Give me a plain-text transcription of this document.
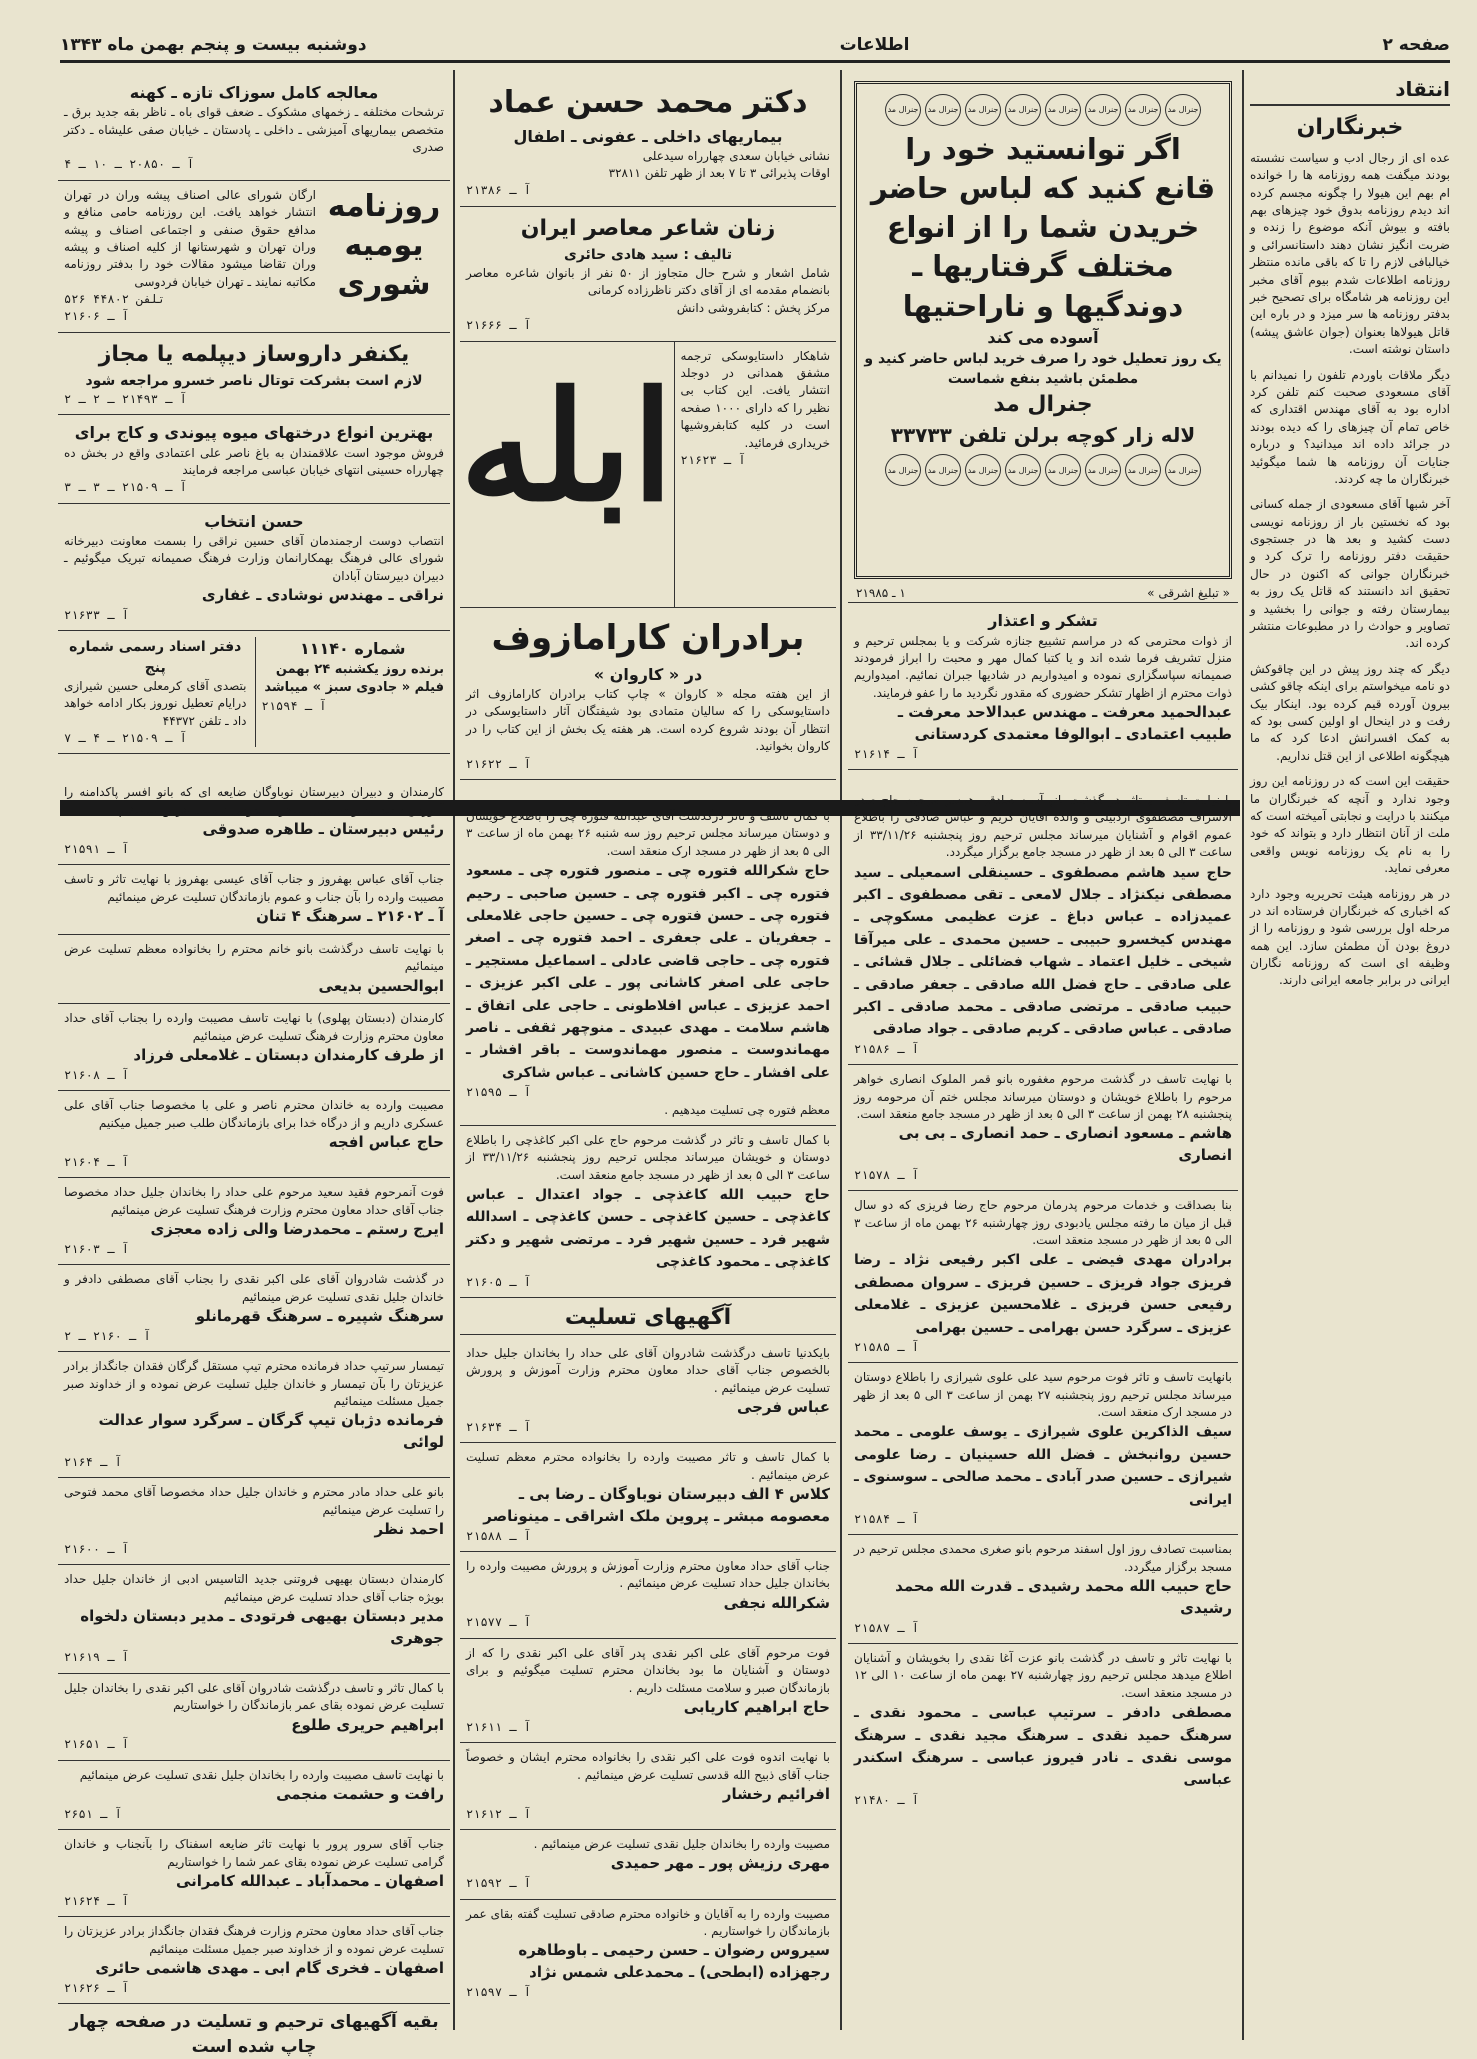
صفحه ۲
اطلاعات
دوشنبه بیست و پنجم بهمن ماه ۱۳۴۳
انتقاد
خبرنگاران
عده ای از رجال ادب و سیاست نشسته بودند میگفت همه روزنامه ها را خوانده ام بهم این هیولا را چگونه مجسم کرده اند دیدم روزنامه بدوق خود چیزهای بهم بافته و بیوش آنکه موضوع را زنده و ضربت انگیز نشان دهند داستانسرائی و خیالبافی لازم را تا که باقی مانده منتظر روزنامه اطلاعات شدم بیوم آقای مخبر این روزنامه هر شامگاه برای تصحیح خبر بدفتر روزنامه ها سر میزد و در باره این قاتل هیولاها بعنوان (جوان عاشق پیشه) داستان نوشته است.
دیگر ملاقات باوردم تلفون را نمیدانم با آقای مسعودی صحبت کنم تلفن کرد اداره بود به آقای مهندس اقتداری که خاص تمام آن چیزهای را که دیده بودند در جرائد داده اند میدانید؟ و درباره جنایات آن روزنامه ها شما میگوئید خبرنگاران ما چه کردند.
آخر شبها آقای مسعودی از جمله کسانی بود که نخستین بار از روزنامه نویسی دست کشید و بعد ها در جستجوی حقیقت دفتر روزنامه را ترک کرد و خبرنگاران جوانی که اکنون در حال تحقیق اند دانستند که قاتل یک روز به بیمارستان رفته و جوانی را بخشید و تصاویر و حوادث را در مطبوعات منتشر کرده اند.
دیگر که چند روز پیش در این چاقوکش دو نامه میخواستم برای اینکه چاقو کشی بیرون آورده قیم کرده بود. اینکار بیک رفت و در اینحال او اولین کسی بود که به کمک افسرانش ادعا کرد که ما هیچگونه اطلاعی از این قتل نداریم.
حقیقت این است که در روزنامه این روز وجود ندارد و آنچه که خبرنگاران ما میکنند با درایت و نجابتی آمیخته است که ملت از آنان انتظار دارد و بتواند که خود را به نام یک روزنامه نویس واقعی معرفی نماید.
در هر روزنامه هیئت تحریریه وجود دارد که اخباری که خبرنگاران فرستاده اند در مرحله اول بررسی شود و روزنامه را از دروغ بودن آن مطمئن سازد. این همه وظیفه ای است که روزنامه نگاران ایرانی در برابر جامعه ایرانی دارند.
جنرال مد
جنرال مد
جنرال مد
جنرال مد
جنرال مد
جنرال مد
جنرال مد
جنرال مد
اگر توانستید خود را
قانع کنید که لباس حاضر
خریدن شما را از انواع
مختلف گرفتاریها ـ
دوندگیها و ناراحتیها
آسوده می کند
یک روز تعطیل خود را صرف خرید لباس حاضر کنید و مطمئن باشید بنفع شماست
جنرال مد
لاله زار کوچه برلن تلفن ۳۳۷۳۳
جنرال مد
جنرال مد
جنرال مد
جنرال مد
جنرال مد
جنرال مد
جنرال مد
جنرال مد
« تبلیغ اشرقی »
۱ ـ ۲۱۹۸۵
تشکر و اعتذار
از ذوات محترمی که در مراسم تشییع جنازه شرکت و یا بمجلس ترحیم و منزل تشریف فرما شده اند و یا کتبا کمال مهر و محبت را ابراز فرمودند صمیمانه سپاسگزاری نموده و امیدواریم در شادیها جبران نمائیم. امیدواریم ذوات محترم از اظهار تشکر حضوری که مقدور نگردید ما را عفو فرمایند.
عبدالحمید معرفت ـ مهندس عبدالاحد معرفت ـ طبیب اعتمادی ـ ابوالوفا معتمدی کردستانی
آ ـ ۲۱۶۱۴
با نهایت تاسف و تاثر در گذشت بانو آسیه صادقی همسر مرحوم حاج صدر الاشراف مصطفوی اردبیلی و والده آقایان کریم و عباس صادقی را باطلاع عموم اقوام و آشنایان میرساند مجلس ترحیم روز پنجشنبه ۳۳/۱۱/۲۶ از ساعت ۳ الی ۵ بعد از ظهر در مسجد جامع برگزار میگردد.
حاج سید هاشم مصطفوی ـ حسینقلی اسمعیلی ـ سید مصطفی نیکنژاد ـ جلال لامعی ـ تقی مصطفوی ـ اکبر عمیدزاده ـ عباس دباغ ـ عزت عظیمی مسکوچی ـ مهندس کیخسرو حبیبی ـ حسین محمدی ـ علی میرآقا شیخی ـ خلیل اعتماد ـ شهاب فضائلی ـ جلال قشائی ـ علی صادقی ـ حاج فضل الله صادقی ـ جعفر صادقی ـ حبیب صادقی ـ مرتضی صادقی ـ محمد صادقی ـ اکبر صادقی ـ عباس صادقی ـ کریم صادقی ـ جواد صادقی
آ ـ ۲۱۵۸۶
با نهایت تاسف در گذشت مرحوم مغفوره بانو قمر الملوک انصاری خواهر مرحوم را باطلاع خویشان و دوستان میرساند مجلس ختم آن مرحومه روز پنجشنبه ۲۸ بهمن از ساعت ۳ الی ۵ بعد از ظهر در مسجد جامع منعقد است.
هاشم ـ مسعود انصاری ـ حمد انصاری ـ بی بی انصاری
آ ـ ۲۱۵۷۸
بنا بصداقت و خدمات مرحوم پدرمان مرحوم حاج رضا فریزی که دو سال قبل از میان ما رفته مجلس یادبودی روز چهارشنبه ۲۶ بهمن ماه از ساعت ۳ الی ۵ بعد از ظهر در مسجد منعقد است.
برادران مهدی فیضی ـ علی اکبر رفیعی نژاد ـ رضا فریزی جواد فریزی ـ حسین فریزی ـ سروان مصطفی رفیعی حسن فریزی ـ غلامحسین عزیزی ـ غلامعلی عزیزی ـ سرگرد حسن بهرامی ـ حسین بهرامی
آ ـ ۲۱۵۸۵
بانهایت تاسف و تاثر فوت مرحوم سید علی علوی شیرازی را باطلاع دوستان میرساند مجلس ترحیم روز پنجشنبه ۲۷ بهمن از ساعت ۳ الی ۵ بعد از ظهر در مسجد ارک منعقد است.
سیف الذاکرین علوی شیرازی ـ یوسف علومی ـ محمد حسین روانبخش ـ فضل الله حسینیان ـ رضا علومی شیرازی ـ حسین صدر آبادی ـ محمد صالحی ـ سوسنوی ـ ایرانی
آ ـ ۲۱۵۸۴
بمناسبت تصادف روز اول اسفند مرحوم بانو صغری محمدی مجلس ترحیم در مسجد برگزار میگردد.
حاج حبیب الله محمد رشیدی ـ قدرت الله محمد رشیدی
آ ـ ۲۱۵۸۷
با نهایت تاثر و تاسف در گذشت بانو عزت آغا نقدی را بخویشان و آشنایان اطلاع میدهد مجلس ترحیم روز چهارشنبه ۲۷ بهمن ماه از ساعت ۱۰ الی ۱۲ در مسجد منعقد است.
مصطفی دادفر ـ سرتیپ عباسی ـ محمود نقدی ـ سرهنگ حمید نقدی ـ سرهنگ مجید نقدی ـ سرهنگ موسی نقدی ـ نادر فیروز عباسی ـ سرهنگ اسکندر عباسی
آ ـ ۲۱۴۸۰
دکتر محمد حسن عماد
بیماریهای داخلی ـ عفونی ـ اطفال
نشانی خیابان سعدی چهارراه سیدعلی
اوقات پذیرائی ۳ تا ۷ بعد از ظهر تلفن ۳۲۸۱۱
آ ـ ۲۱۳۸۶
زنان شاعر معاصر ایران
تالیف : سید هادی حائری
شامل اشعار و شرح حال متجاوز از ۵۰ نفر از بانوان شاعره معاصر بانضمام مقدمه ای از آقای دکتر ناظرزاده کرمانی
مرکز پخش : کتابفروشی دانش
آ ـ ۲۱۶۶۶
شاهکار داستایوسکی ترجمه مشفق همدانی در دوجلد انتشار یافت. این کتاب بی نظیر را که دارای ۱۰۰۰ صفحه است در کلیه کتابفروشیها خریداری فرمائید.
آ ـ ۲۱۶۲۳
ابله
برادران کارامازوف
در « کاروان »
از این هفته مجله « کاروان » چاپ کتاب برادران کارامازوف اثر داستایوسکی را که سالیان متمادی بود شیفتگان آثار داستایوسکی در انتظار آن بودند شروع کرده است. هر هفته یک بخش از این کتاب را در کاروان بخوانید.
آ ـ ۲۱۶۲۲
با کمال تاسف و تاثر درگذشت آقای عبدالله فتوره چی را باطلاع خویشان و دوستان میرساند مجلس ترحیم روز سه شنبه ۲۶ بهمن ماه از ساعت ۳ الی ۵ بعد از ظهر در مسجد ارک منعقد است.
حاج شکرالله فتوره چی ـ منصور فتوره چی ـ مسعود فتوره چی ـ اکبر فتوره چی ـ حسین صاحبی ـ رحیم فتوره چی ـ حسن فتوره چی ـ حسین حاجی غلامعلی ـ جعفریان ـ علی جعفری ـ احمد فتوره چی ـ اصغر فتوره چی ـ حاجی قاضی عادلی ـ اسماعیل مستجیر ـ حاجی علی اصغر کاشانی پور ـ علی اکبر عزیزی ـ احمد عزیزی ـ عباس افلاطونی ـ حاجی علی اتفاق ـ هاشم سلامت ـ مهدی عبیدی ـ منوچهر ثقفی ـ ناصر مهماندوست ـ منصور مهماندوست ـ باقر افشار ـ علی افشار ـ حاج حسین کاشانی ـ عباس شاکری
آ ـ ۲۱۵۹۵
معظم فتوره چی تسلیت میدهیم .
با کمال تاسف و تاثر در گذشت مرحوم حاج علی اکبر کاغذچی را باطلاع دوستان و خویشان میرساند مجلس ترحیم روز پنجشنبه ۳۳/۱۱/۲۶ از ساعت ۳ الی ۵ بعد از ظهر در مسجد جامع منعقد است.
حاج حبیب الله کاغذچی ـ جواد اعتدال ـ عباس کاغذچی ـ حسین کاغذچی ـ حسن کاغذچی ـ اسدالله شهیر فرد ـ حسین شهیر فرد ـ مرتضی شهیر و دکتر کاغذچی ـ محمود کاغذچی
آ ـ ۲۱۶۰۵
آگهیهای تسلیت
بایکدنیا تاسف درگذشت شادروان آقای علی حداد را بخاندان جلیل حداد بالخصوص جناب آقای حداد معاون محترم وزارت آموزش و پرورش تسلیت عرض مینمائیم .
عباس فرجی
آ ـ ۲۱۶۳۴
با کمال تاسف و تاثر مصیبت وارده را بخانواده محترم معظم تسلیت عرض مینمائیم .
کلاس ۴ الف دبیرستان نوباوگان ـ رضا بی ـ معصومه مبشر ـ پروین ملک اشراقی ـ مینوناصر
آ ـ ۲۱۵۸۸
جناب آقای حداد معاون محترم وزارت آموزش و پرورش مصیبت وارده را بخاندان جلیل حداد تسلیت عرض مینمائیم .
شکرالله نجفی
آ ـ ۲۱۵۷۷
فوت مرحوم آقای علی اکبر نقدی پدر آقای علی اکبر نقدی را که از دوستان و آشنایان ما بود بخاندان محترم تسلیت میگوئیم و برای بازماندگان صبر و سلامت مسئلت داریم .
حاج ابراهیم کاریابی
آ ـ ۲۱۶۱۱
با نهایت اندوه فوت علی اکبر نقدی را بخانواده محترم ایشان و خصوصاً جناب آقای ذبیح الله قدسی تسلیت عرض مینمائیم .
افرائیم رخشار
آ ـ ۲۱۶۱۲
مصیبت وارده را بخاندان جلیل نقدی تسلیت عرض مینمائیم .
مهری رزیش پور ـ مهر حمیدی
آ ـ ۲۱۵۹۲
مصیبت وارده را به آقایان و خانواده محترم صادقی تسلیت گفته بقای عمر بازماندگان را خواستاریم .
سیروس رضوان ـ حسن رحیمی ـ باوطاهره رجهزاده (ابطحی) ـ محمدعلی شمس نژاد
آ ـ ۲۱۵۹۷
معالجه کامل سوزاک تازه ـ کهنه
ترشحات مختلفه ـ زخمهای مشکوک ـ ضعف قوای باه ـ ناظر بقه جدید برق ـ متخصص بیماریهای آمیزشی ـ داخلی ـ پادستان ـ خیابان صفی علیشاه ـ دکتر صدری
آ ـ ۲۰۸۵۰ ـ ۱۰ ـ ۴
روزنامه یومیه شوری
ارگان شورای عالی اصناف پیشه وران در تهران انتشار خواهد یافت. این روزنامه حامی منافع و مدافع حقوق صنفی و اجتماعی اصناف و پیشه وران تهران و شهرستانها از کلیه اصناف و پیشه وران تقاضا میشود مقالات خود را بدفتر روزنامه مکاتبه نمایند ـ تهران خیابان فردوسی
۵۲۶ تلفن ۴۴۸۰۲
آ ـ ۲۱۶۰۶
یکنفر داروساز دیپلمه یا مجاز
لازم است بشرکت توتال ناصر خسرو مراجعه شود
آ ـ ۲۱۴۹۳ ـ ۲ ـ ۲
بهترین انواع درختهای میوه پیوندی و کاج برای
فروش موجود است علاقمندان به باغ ناصر علی اعتمادی واقع در بخش ده چهارراه حسینی انتهای خیابان عباسی مراجعه فرمایند
آ ـ ۲۱۵۰۹ ـ ۳ ـ ۳
حسن انتخاب
انتصاب دوست ارجمندمان آقای حسین نراقی را بسمت معاونت دبیرخانه شورای عالی فرهنگ بهمکارانمان وزارت فرهنگ صمیمانه تبریک میگوئیم ـ دبیران دبیرستان آبادان
نراقی ـ مهندس نوشادی ـ غفاری
آ ـ ۲۱۶۳۳
شماره ۱۱۱۴۰
برنده روز یکشنبه ۲۴ بهمن فیلم « جادوی سبز » میباشد
آ ـ ۲۱۵۹۴
دفتر اسناد رسمی شماره پنج
بتصدی آقای کرمعلی حسین شیرازی درایام تعطیل نوروز بکار ادامه خواهد داد ـ تلفن ۴۴۳۷۲
آ ـ ۲۱۵۰۹ ـ ۴ ـ ۷
کارمندان و دبیران دبیرستان نوباوگان ضایعه ای که بانو افسر پاکدامنه را آموزش دادند بخانواده جلیل طاهره صدوقی تسلیت عرض مینمائیم
رئیس دبیرستان ـ طاهره صدوقی
آ ـ ۲۱۵۹۱
جناب آقای عباس بهفروز و جناب آقای عیسی بهفروز با نهایت تاثر و تاسف مصیبت وارده را بآن جناب و عموم بازماندگان تسلیت عرض مینمائیم
آ ـ ۲۱۶۰۲ ـ سرهنگ ۴ تنان
با نهایت تاسف درگذشت بانو خانم محترم را بخانواده معظم تسلیت عرض مینمائیم
ابوالحسین بدیعی
کارمندان (دبستان پهلوی) با نهایت تاسف مصیبت وارده را بجناب آقای حداد معاون محترم وزارت فرهنگ تسلیت عرض مینمائیم
از طرف کارمندان دبستان ـ غلامعلی فرزاد
آ ـ ۲۱۶۰۸
مصیبت وارده به خاندان محترم ناصر و علی با مخصوصا جناب آقای علی عسکری داریم و از درگاه خدا برای بازماندگان طلب صبر جمیل میکنیم
حاج عباس افجه
آ ـ ۲۱۶۰۴
فوت آنمرحوم فقید سعید مرحوم علی حداد را بخاندان جلیل حداد مخصوصا جناب آقای حداد معاون محترم وزارت فرهنگ تسلیت عرض مینمائیم
ایرج رستم ـ محمدرضا والی زاده معجزی
آ ـ ۲۱۶۰۳
در گذشت شادروان آقای علی اکبر نقدی را بجناب آقای مصطفی دادفر و خاندان جلیل نقدی تسلیت عرض مینمائیم
سرهنگ شپیره ـ سرهنگ قهرمانلو
آ ـ ۲۱۶۰ ـ ۲
تیمسار سرتیپ حداد فرمانده محترم تیپ مستقل گرگان فقدان جانگداز برادر عزیزتان را بآن تیمسار و خاندان جلیل تسلیت عرض نموده و از خداوند صبر جمیل مسئلت مینمائیم
فرمانده دژبان تیپ گرگان ـ سرگرد سوار عدالت لوائی
آ ـ ۲۱۶۴
بانو علی حداد مادر محترم و خاندان جلیل حداد مخصوصا آقای محمد فتوحی را تسلیت عرض مینمائیم
احمد نظر
آ ـ ۲۱۶۰۰
کارمندان دبستان بهیهی فروتنی جدید التاسیس ادبی از خاندان جلیل حداد بویژه جناب آقای حداد تسلیت عرض مینمائیم
مدیر دبستان بهیهی فرتودی ـ مدیر دبستان دلخواه جوهری
آ ـ ۲۱۶۱۹
با کمال تاثر و تاسف درگذشت شادروان آقای علی اکبر نقدی را بخاندان جلیل تسلیت عرض نموده بقای عمر بازماندگان را خواستاریم
ابراهیم حریری طلوع
آ ـ ۲۱۶۵۱
با نهایت تاسف مصیبت وارده را بخاندان جلیل نقدی تسلیت عرض مینمائیم
رافت و حشمت منجمی
آ ـ ۲۶۵۱
جناب آقای سرور پرور با نهایت تاثر ضایعه اسفناک را بآنجناب و خاندان گرامی تسلیت عرض نموده بقای عمر شما را خواستاریم
اصفهان ـ محمدآباد ـ عبدالله کامرانی
آ ـ ۲۱۶۲۴
جناب آقای حداد معاون محترم وزارت فرهنگ فقدان جانگداز برادر عزیزتان را تسلیت عرض نموده و از خداوند صبر جمیل مسئلت مینمائیم
اصفهان ـ فخری گام ابی ـ مهدی هاشمی حائری
آ ـ ۲۱۶۲۶
بقیه آگهیهای ترحیم و تسلیت در صفحه چهار چاپ شده است
